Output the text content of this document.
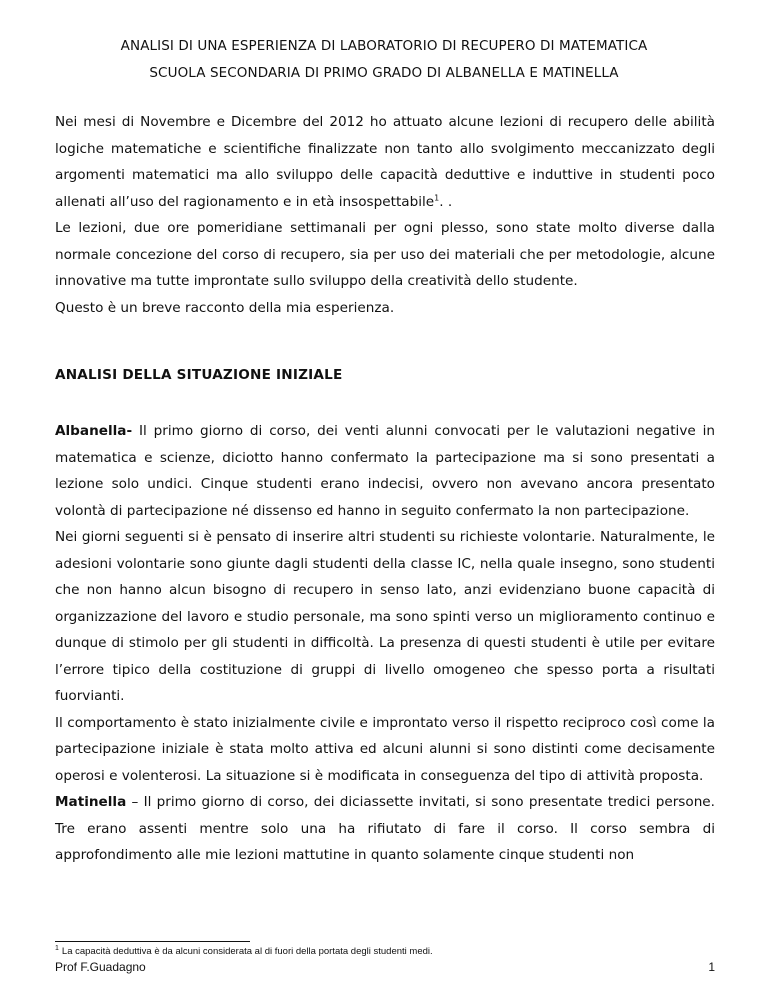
ANALISI DI UNA ESPERIENZA DI LABORATORIO DI RECUPERO DI MATEMATICA
SCUOLA SECONDARIA DI PRIMO GRADO DI ALBANELLA E MATINELLA

Nei mesi di Novembre e Dicembre del 2012 ho attuato alcune lezioni di recupero delle abilità logiche matematiche e scientifiche finalizzate non tanto allo svolgimento meccanizzato degli argomenti matematici ma allo sviluppo delle capacità deduttive e induttive in studenti poco allenati all’uso del ragionamento e in età insospettabile$^1$. .

Le lezioni, due ore pomeridiane settimanali per ogni plesso, sono state molto diverse dalla normale concezione del corso di recupero, sia per uso dei materiali che per metodologie, alcune innovative ma tutte improntate sullo sviluppo della creatività dello studente.

Questo è un breve racconto della mia esperienza.

ANALISI DELLA SITUAZIONE INIZIALE

Albanella- Il primo giorno di corso, dei venti alunni convocati per le valutazioni negative in matematica e scienze, diciotto hanno confermato la partecipazione ma si sono presentati a lezione solo undici. Cinque studenti erano indecisi, ovvero non avevano ancora presentato volontà di partecipazione né dissenso ed hanno in seguito confermato la non partecipazione.

Nei giorni seguenti si è pensato di inserire altri studenti su richieste volontarie. Naturalmente, le adesioni volontarie sono giunte dagli studenti della classe IC, nella quale insegno, sono studenti che non hanno alcun bisogno di recupero in senso lato, anzi evidenziano buone capacità di organizzazione del lavoro e studio personale, ma sono spinti verso un miglioramento continuo e dunque di stimolo per gli studenti in difficoltà. La presenza di questi studenti è utile per evitare l’errore tipico della costituzione di gruppi di livello omogeneo che spesso porta a risultati fuorvianti.

Il comportamento è stato inizialmente civile e improntato verso il rispetto reciproco così come la partecipazione iniziale è stata molto attiva ed alcuni alunni si sono distinti come decisamente operosi e volenterosi. La situazione si è modificata in conseguenza del tipo di attività proposta.

Matinella – Il primo giorno di corso, dei diciassette invitati, si sono presentate tredici persone. Tre erano assenti mentre solo una ha rifiutato di fare il corso. Il corso sembra di approfondimento alle mie lezioni mattutine in quanto solamente cinque studenti non

$^1$ La capacità deduttiva è da alcuni considerata al di fuori della portata degli studenti medi.
Prof F.Guadagno	1
